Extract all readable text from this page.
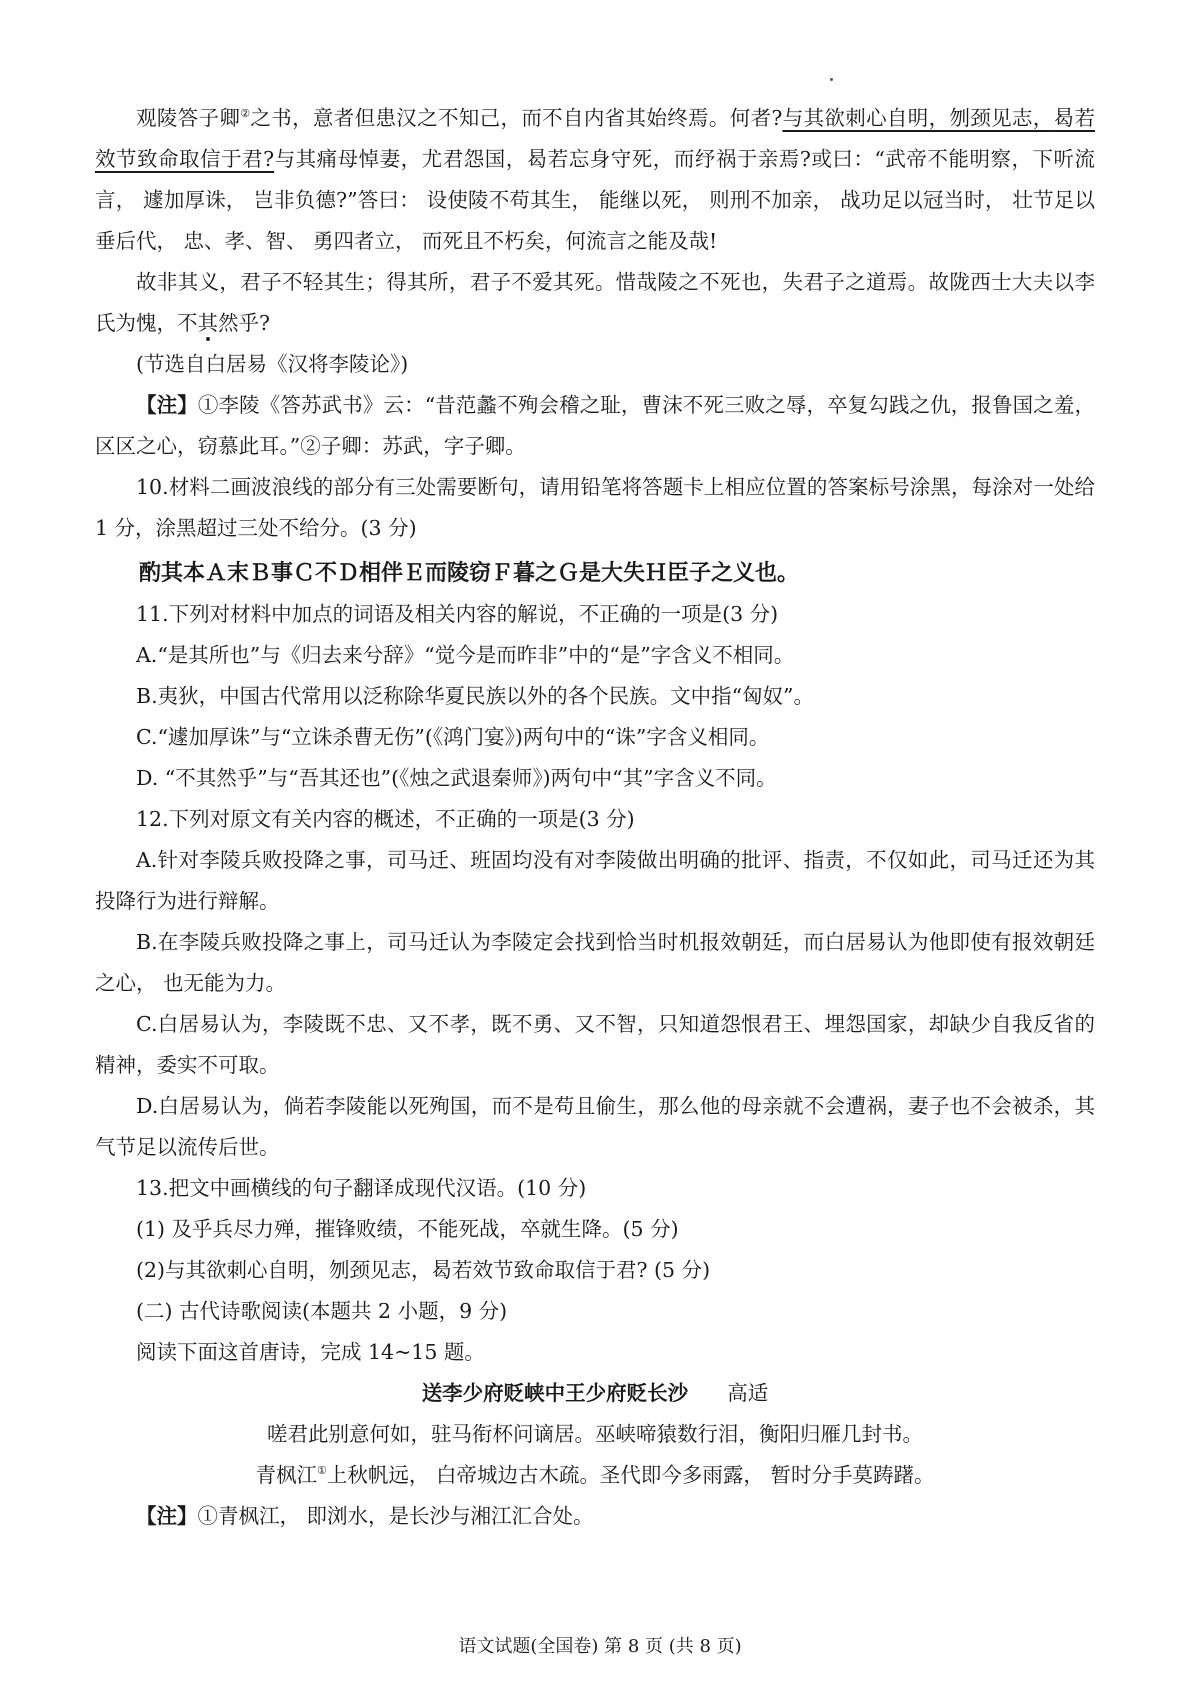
观陵答子卿②之书，意者但患汉之不知己，而不自内省其始终焉。何者?与其欲刺心自明，刎颈见志，曷若效节致命取信于君?与其痛母悼妻，尤君怨国，曷若忘身守死，而纾祸于亲焉?或曰：“武帝不能明察，下听流言， 遽加厚诛， 岂非负德?”答曰： 设使陵不苟其生， 能继以死， 则刑不加亲， 战功足以冠当时， 壮节足以垂后代， 忠、孝、智、 勇四者立， 而死且不朽矣，何流言之能及哉!

故非其义，君子不轻其生；得其所，君子不爱其死。惜哉陵之不死也，失君子之道焉。故陇西士大夫以李氏为愧，不其然乎?

(节选自白居易《汉将李陵论》)

【注】①李陵《答苏武书》云：“昔范蠡不殉会稽之耻，曹沫不死三败之辱，卒复勾践之仇，报鲁国之羞，区区之心，窃慕此耳。”②子卿：苏武，字子卿。

10.材料二画波浪线的部分有三处需要断句，请用铅笔将答题卡上相应位置的答案标号涂黑，每涂对一处给 1 分，涂黑超过三处不给分。(3 分)

酌其本Ａ末Ｂ事Ｃ不Ｄ相伴Ｅ而陵窃Ｆ暮之Ｇ是大失Ｈ臣子之义也。

11.下列对材料中加点的词语及相关内容的解说，不正确的一项是(3 分)

A.“是其所也”与《归去来兮辞》“觉今是而昨非”中的“是”字含义不相同。

B.夷狄，中国古代常用以泛称除华夏民族以外的各个民族。文中指“匈奴”。

C.“遽加厚诛”与“立诛杀曹无伤”(《鸿门宴》)两句中的“诛”字含义相同。

D. “不其然乎”与“吾其还也”(《烛之武退秦师》)两句中“其”字含义不同。

12.下列对原文有关内容的概述，不正确的一项是(3 分)

A.针对李陵兵败投降之事，司马迁、班固均没有对李陵做出明确的批评、指责，不仅如此，司马迁还为其投降行为进行辩解。

B.在李陵兵败投降之事上，司马迁认为李陵定会找到恰当时机报效朝廷，而白居易认为他即使有报效朝廷之心， 也无能为力。

C.白居易认为，李陵既不忠、又不孝，既不勇、又不智，只知道怨恨君王、埋怨国家，却缺少自我反省的精神，委实不可取。

D.白居易认为，倘若李陵能以死殉国，而不是苟且偷生，那么他的母亲就不会遭祸，妻子也不会被杀，其气节足以流传后世。

13.把文中画横线的句子翻译成现代汉语。(10 分)

(1) 及乎兵尽力殚，摧锋败绩，不能死战，卒就生降。(5 分)

(2)与其欲刺心自明，刎颈见志，曷若效节致命取信于君? (5 分)

(二) 古代诗歌阅读(本题共 2 小题，9 分)

阅读下面这首唐诗，完成 14~15 题。

送李少府贬峡中王少府贬长沙 高适

嗟君此别意何如，驻马衔杯问谪居。巫峡啼猿数行泪，衡阳归雁几封书。

青枫江①上秋帆远， 白帝城边古木疏。圣代即今多雨露， 暂时分手莫踌躇。

【注】①青枫江， 即浏水，是长沙与湘江汇合处。

语文试题(全国卷) 第 8 页 (共 8 页)
